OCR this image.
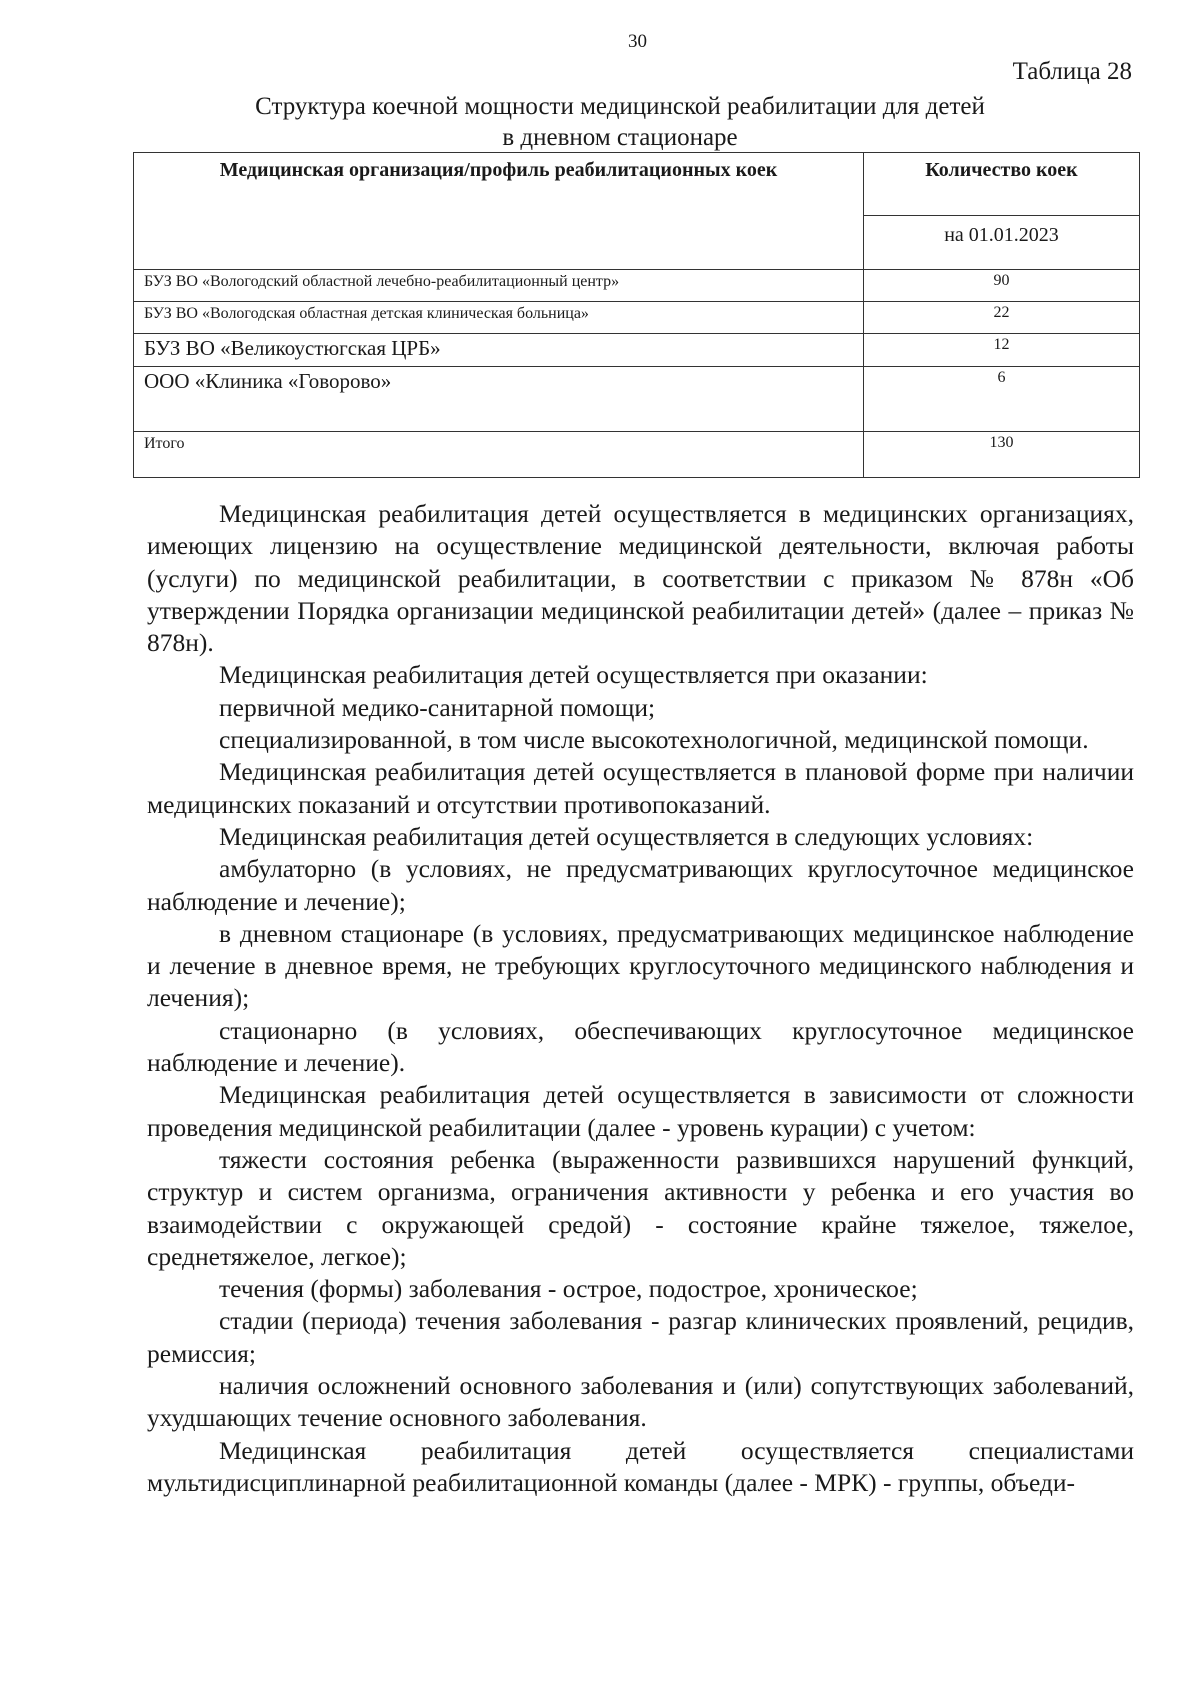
30
Таблица 28
Структура коечной мощности медицинской реабилитации для детей
в дневном стационаре
Медицинская организация/профиль реабилитационных коек	Количество коек
	на 01.01.2023
БУЗ ВО «Вологодский областной лечебно-реабилитационный центр»	90
БУЗ ВО «Вологодская областная детская клиническая больница»	22
БУЗ ВО «Великоустюгская ЦРБ»	12
ООО «Клиника «Говорово»	6
Итого	130

Медицинская реабилитация детей осуществляется в медицинских организациях, имеющих лицензию на осуществление медицинской деятельности, включая работы (услуги) по медицинской реабилитации, в соответствии с приказом № 878н «Об утверждении Порядка организации медицинской реабилитации детей» (далее – приказ № 878н).

Медицинская реабилитация детей осуществляется при оказании:

первичной медико-санитарной помощи;

специализированной, в том числе высокотехнологичной, медицинской помощи.

Медицинская реабилитация детей осуществляется в плановой форме при наличии медицинских показаний и отсутствии противопоказаний.

Медицинская реабилитация детей осуществляется в следующих условиях:

амбулаторно (в условиях, не предусматривающих круглосуточное медицинское наблюдение и лечение);

в дневном стационаре (в условиях, предусматривающих медицинское наблюдение и лечение в дневное время, не требующих круглосуточного медицинского наблюдения и лечения);

стационарно (в условиях, обеспечивающих круглосуточное медицинское наблюдение и лечение).

Медицинская реабилитация детей осуществляется в зависимости от сложности проведения медицинской реабилитации (далее - уровень курации) с учетом:

тяжести состояния ребенка (выраженности развившихся нарушений функций, структур и систем организма, ограничения активности у ребенка и его участия во взаимодействии с окружающей средой) - состояние крайне тяжелое, тяжелое, среднетяжелое, легкое);

течения (формы) заболевания - острое, подострое, хроническое;

стадии (периода) течения заболевания - разгар клинических проявлений, рецидив, ремиссия;

наличия осложнений основного заболевания и (или) сопутствующих заболеваний, ухудшающих течение основного заболевания.

Медицинская реабилитация детей осуществляется специалистами мультидисциплинарной реабилитационной команды (далее - МРК) - группы, объеди-
